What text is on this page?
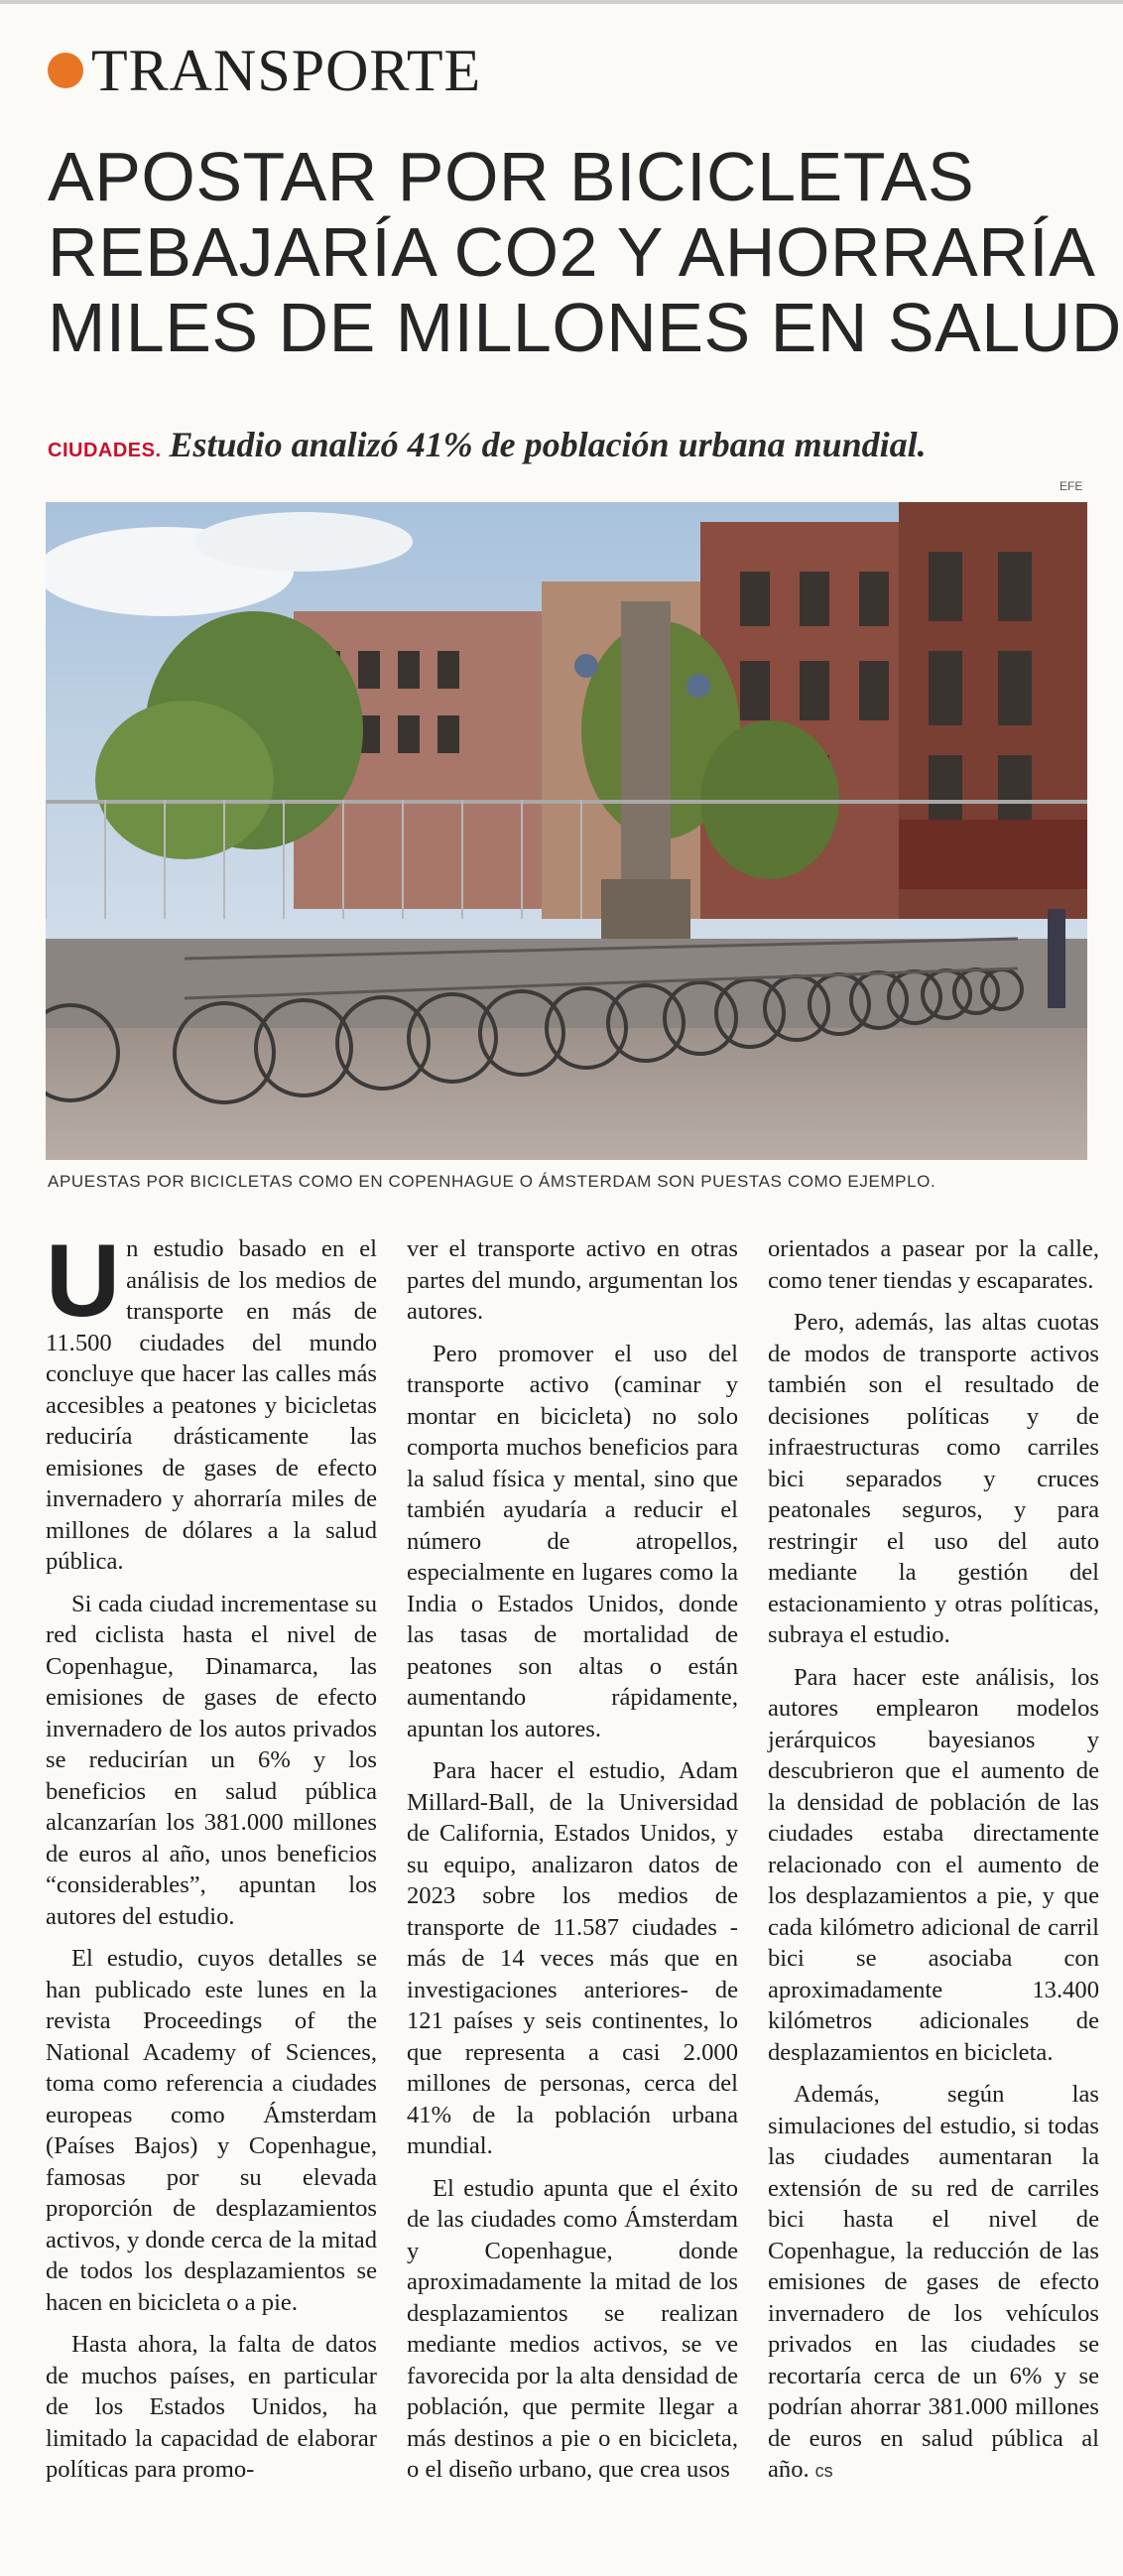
TRANSPORTE
APOSTAR POR BICICLETAS
REBAJARÍA CO2 Y AHORRARÍA
MILES DE MILLONES EN SALUD
CIUDADES. Estudio analizó 41% de población urbana mundial.
EFE
APUESTAS POR BICICLETAS COMO EN COPENHAGUE O ÁMSTERDAM SON PUESTAS COMO EJEMPLO.

Un estudio basado en el análisis de los medios de transporte en más de 11.500 ciudades del mundo concluye que hacer las calles más accesibles a peatones y bicicletas reduciría drásticamente las emisiones de gases de efecto invernadero y ahorraría miles de millones de dólares a la salud pública.

Si cada ciudad incrementase su red ciclista hasta el nivel de Copenhague, Dinamarca, las emisiones de gases de efecto invernadero de los autos privados se reducirían un 6% y los beneficios en salud pública alcanzarían los 381.000 millones de euros al año, unos beneficios “considerables”, apuntan los autores del estudio.

El estudio, cuyos detalles se han publicado este lunes en la revista Proceedings of the National Academy of Sciences, toma como referencia a ciudades europeas como Ámsterdam (Países Bajos) y Copenhague, famosas por su elevada proporción de desplazamientos activos, y donde cerca de la mitad de todos los desplazamientos se hacen en bicicleta o a pie.

Hasta ahora, la falta de datos de muchos países, en particular de los Estados Unidos, ha limitado la capacidad de elaborar políticas para promo-

ver el transporte activo en otras partes del mundo, argumentan los autores.

Pero promover el uso del transporte activo (caminar y montar en bicicleta) no solo comporta muchos beneficios para la salud física y mental, sino que también ayudaría a reducir el número de atropellos, especialmente en lugares como la India o Estados Unidos, donde las tasas de mortalidad de peatones son altas o están aumentando rápidamente, apuntan los autores.

Para hacer el estudio, Adam Millard-Ball, de la Universidad de California, Estados Unidos, y su equipo, analizaron datos de 2023 sobre los medios de transporte de 11.587 ciudades -más de 14 veces más que en investigaciones anteriores- de 121 países y seis continentes, lo que representa a casi 2.000 millones de personas, cerca del 41% de la población urbana mundial.

El estudio apunta que el éxito de las ciudades como Ámsterdam y Copenhague, donde aproximadamente la mitad de los desplazamientos se realizan mediante medios activos, se ve favorecida por la alta densidad de población, que permite llegar a más destinos a pie o en bicicleta, o el diseño urbano, que crea usos

orientados a pasear por la calle, como tener tiendas y escaparates.

Pero, además, las altas cuotas de modos de transporte activos también son el resultado de decisiones políticas y de infraestructuras como carriles bici separados y cruces peatonales seguros, y para restringir el uso del auto mediante la gestión del estacionamiento y otras políticas, subraya el estudio.

Para hacer este análisis, los autores emplearon modelos jerárquicos bayesianos y descubrieron que el aumento de la densidad de población de las ciudades estaba directamente relacionado con el aumento de los desplazamientos a pie, y que cada kilómetro adicional de carril bici se asociaba con aproximadamente 13.400 kilómetros adicionales de desplazamientos en bicicleta.

Además, según las simulaciones del estudio, si todas las ciudades aumentaran la extensión de su red de carriles bici hasta el nivel de Copenhague, la reducción de las emisiones de gases de efecto invernadero de los vehículos privados en las ciudades se recortaría cerca de un 6% y se podrían ahorrar 381.000 millones de euros en salud pública al año. cs
